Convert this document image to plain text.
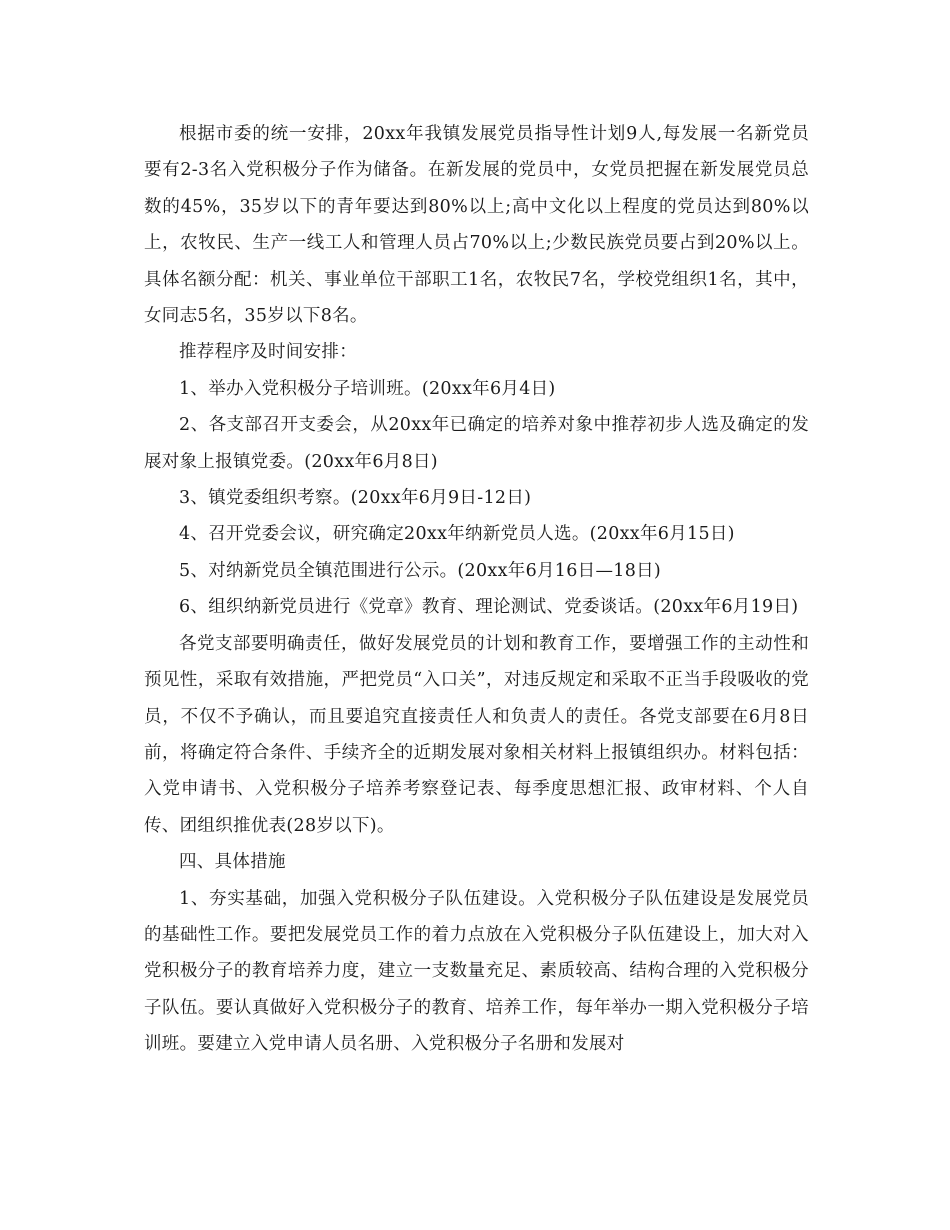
根据市委的统一安排，20xx年我镇发展党员指导性计划9人,每发展一名新党员要有2-3名入党积极分子作为储备。在新发展的党员中，女党员把握在新发展党员总数的45%，35岁以下的青年要达到80%以上;高中文化以上程度的党员达到80%以上，农牧民、生产一线工人和管理人员占70%以上;少数民族党员要占到20%以上。具体名额分配：机关、事业单位干部职工1名，农牧民7名，学校党组织1名，其中，女同志5名，35岁以下8名。

推荐程序及时间安排：

1、举办入党积极分子培训班。(20xx年6月4日)

2、各支部召开支委会，从20xx年已确定的培养对象中推荐初步人选及确定的发展对象上报镇党委。(20xx年6月8日)

3、镇党委组织考察。(20xx年6月9日-12日)

4、召开党委会议，研究确定20xx年纳新党员人选。(20xx年6月15日)

5、对纳新党员全镇范围进行公示。(20xx年6月16日—18日)

6、组织纳新党员进行《党章》教育、理论测试、党委谈话。(20xx年6月19日)

各党支部要明确责任，做好发展党员的计划和教育工作，要增强工作的主动性和预见性，采取有效措施，严把党员“入口关”，对违反规定和采取不正当手段吸收的党员，不仅不予确认，而且要追究直接责任人和负责人的责任。各党支部要在6月8日前，将确定符合条件、手续齐全的近期发展对象相关材料上报镇组织办。材料包括：入党申请书、入党积极分子培养考察登记表、每季度思想汇报、政审材料、个人自传、团组织推优表(28岁以下)。

四、具体措施

1、夯实基础，加强入党积极分子队伍建设。入党积极分子队伍建设是发展党员的基础性工作。要把发展党员工作的着力点放在入党积极分子队伍建设上，加大对入党积极分子的教育培养力度，建立一支数量充足、素质较高、结构合理的入党积极分子队伍。要认真做好入党积极分子的教育、培养工作，每年举办一期入党积极分子培训班。要建立入党申请人员名册、入党积极分子名册和发展对
